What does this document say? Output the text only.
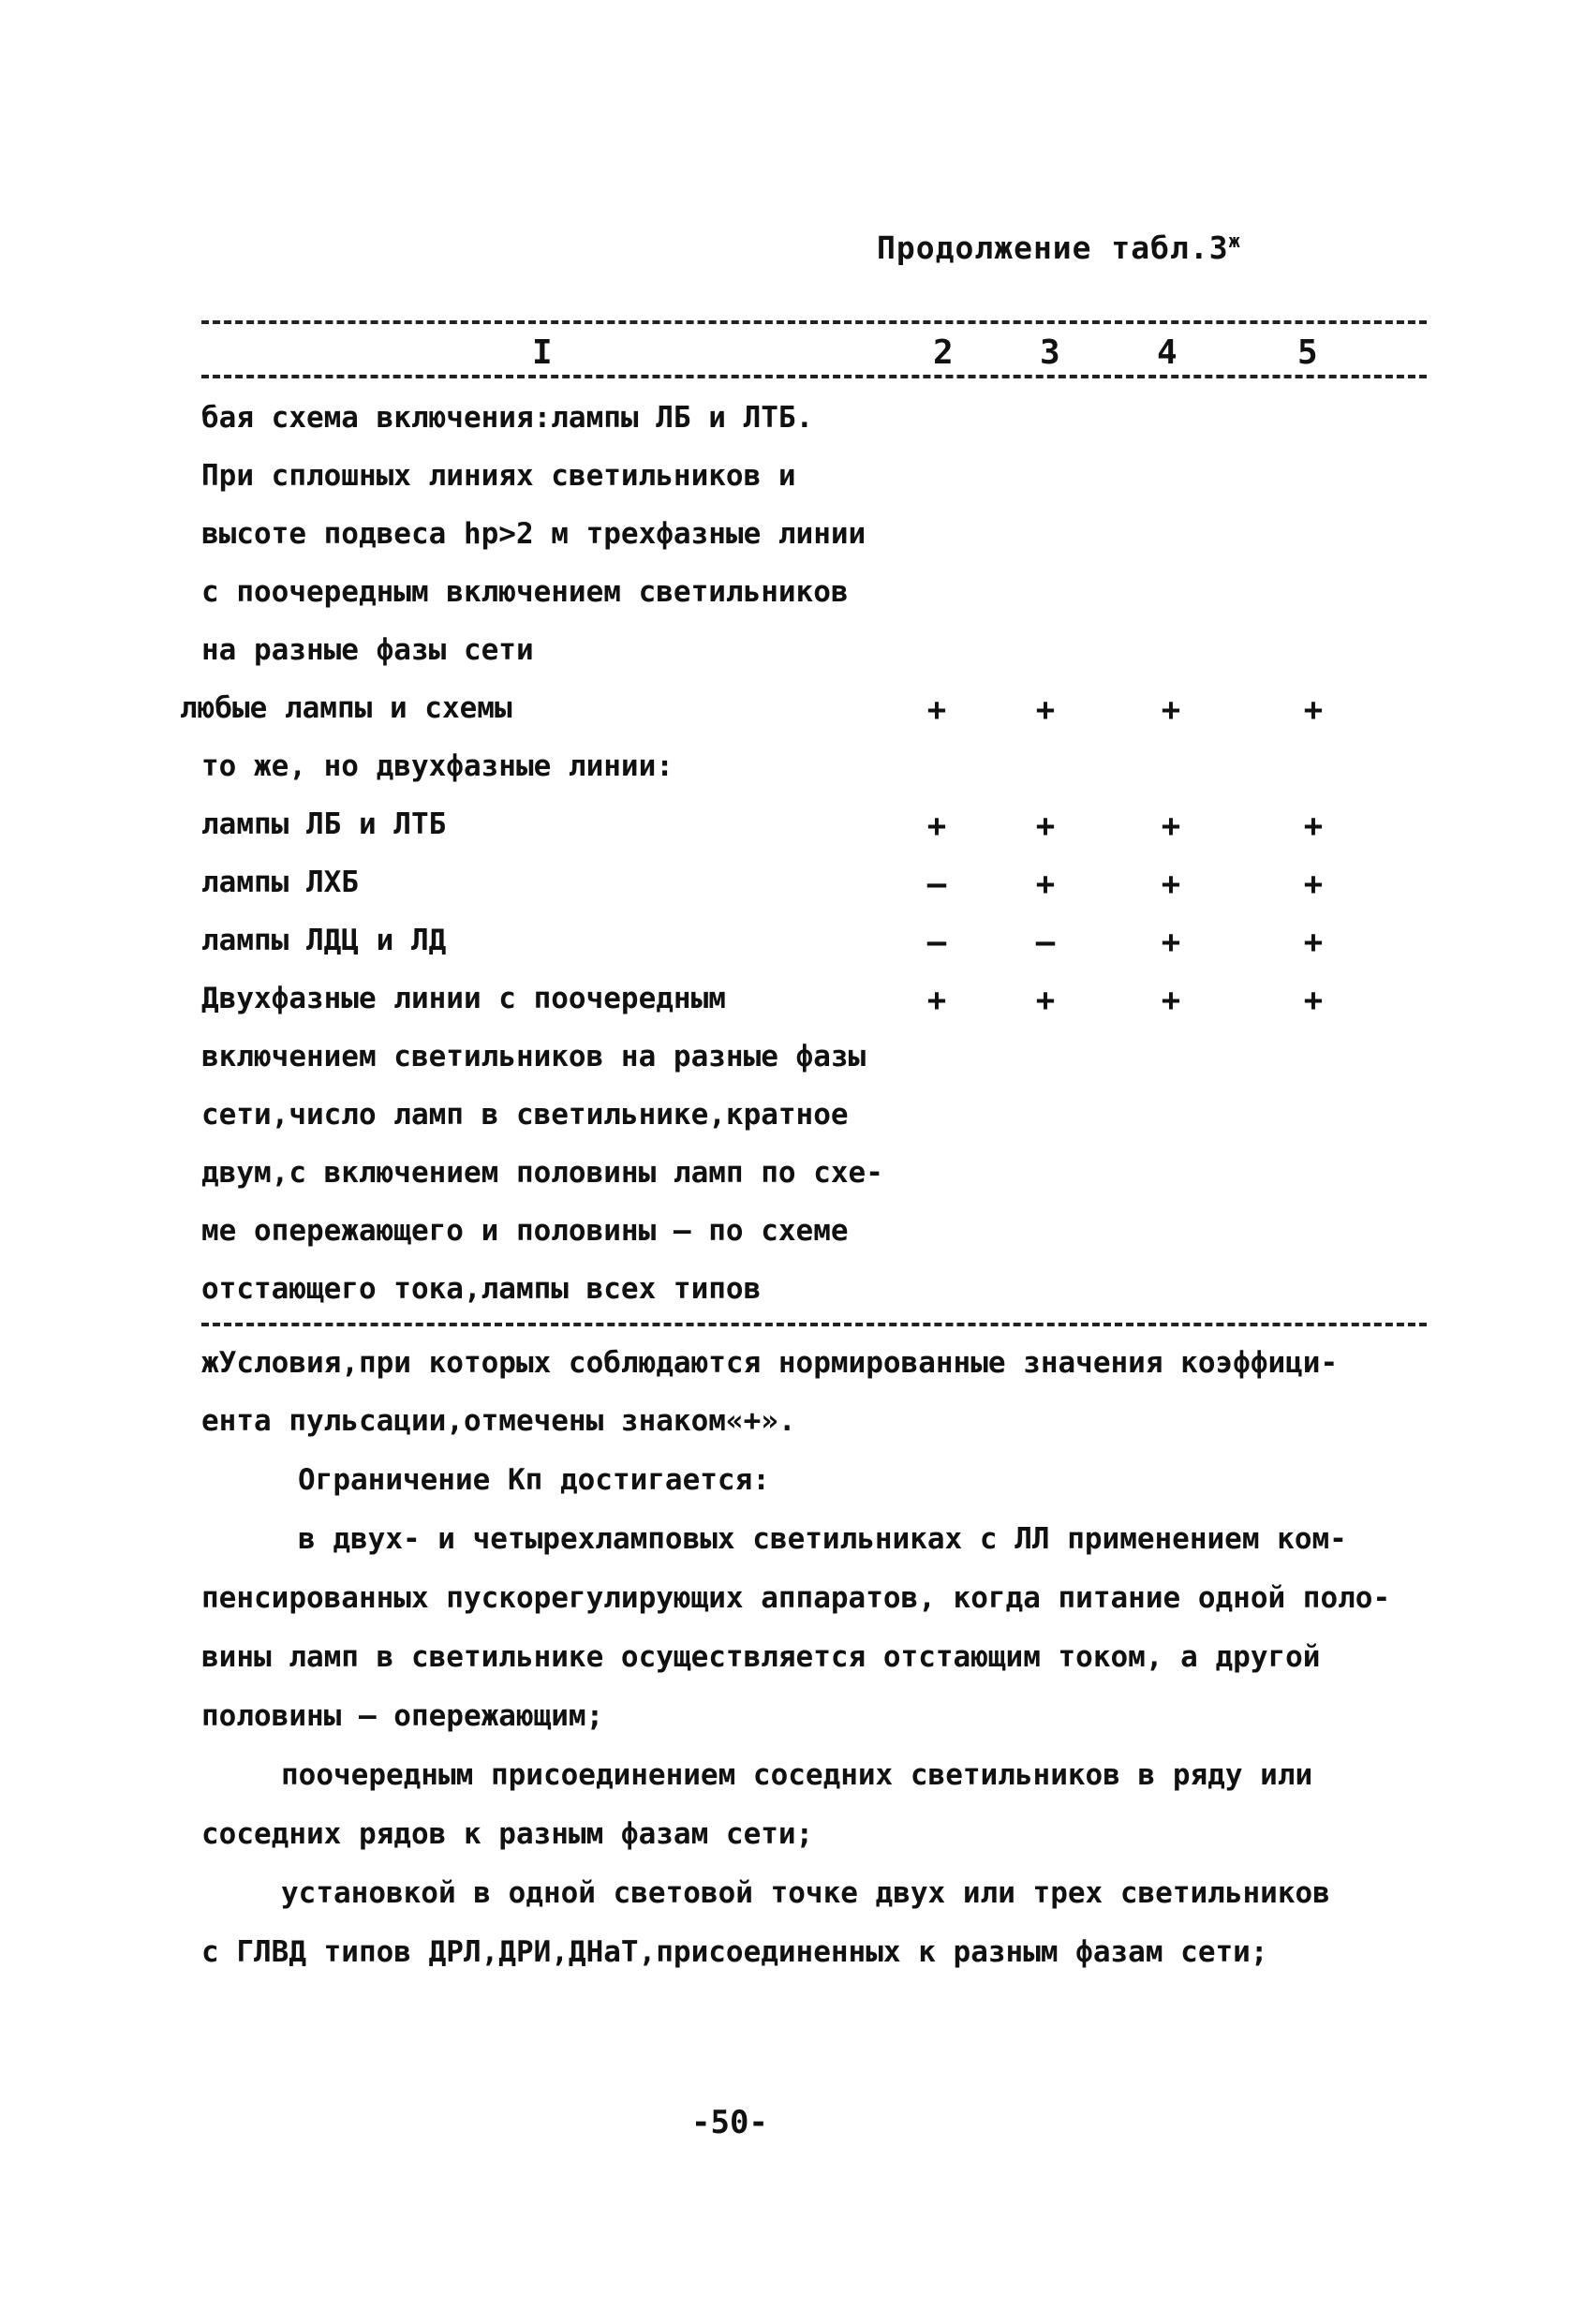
Продолжение $табл.3^ж$
I	2	3	4	5
бая схема включения:лампы ЛБ и ЛТБ.
При сплошных линиях светильников и
высоте подвеса hр>2 м трехфазные линии
с поочередным включением светильников
на разные фазы сети
любые лампы и схемы	+	+	+	+
то же, но двухфазные линии:
лампы ЛБ и ЛТБ	+	+	+	+
лампы ЛХБ	–	+	+	+
лампы ЛДЦ и ЛД	–	–	+	+
Двухфазные линии с поочередным	+	+	+	+
включением светильников на разные фазы
сети,число ламп в светильнике,кратное
двум,с включением половины ламп по схе-
ме опережающего и половины – по схеме
отстающего тока,лампы всех типов
жУсловия,при которых соблюдаются нормированные значения коэффици-
ента пульсации,отмечены знаком«+».
Ограничение Кп достигается:
в двух- и четырехламповых светильниках с ЛЛ применением ком-
пенсированных пускорегулирующих аппаратов, когда питание одной поло-
вины ламп в светильнике осуществляется отстающим током, а другой
половины – опережающим;
поочередным присоединением соседних светильников в ряду или
соседних рядов к разным фазам сети;
установкой в одной световой точке двух или трех светильников
с ГЛВД типов ДРЛ,ДРИ,ДНаТ,присоединенных к разным фазам сети;
-50-
